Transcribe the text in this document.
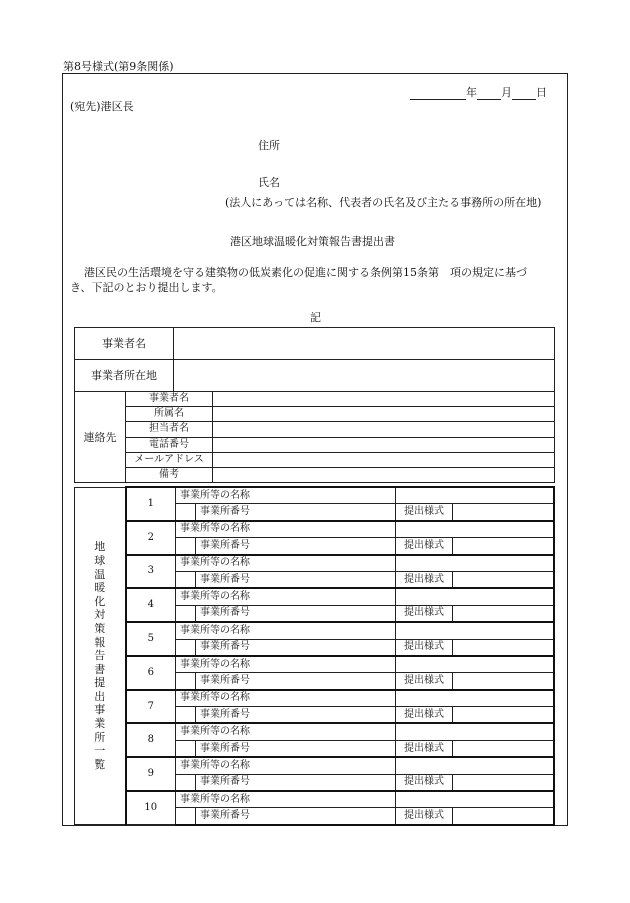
第8号様式(第9条関係)
年 月 日
(宛先)港区長
住所
氏名
(法人にあっては名称、代表者の氏名及び主たる事務所の所在地)
港区地球温暖化対策報告書提出書
港区民の生活環境を守る建築物の低炭素化の促進に関する条例第15条第　項の規定に基づ
き、下記のとおり提出します。
記
事業者名	
事業者所在地	
連絡先	事業者名	
	所属名	
	担当者名	
	電話番号	
	メールアドレス	
	備考	
地球温暖化対策報告書提出事業所一覧	1	事業所等の名称			
			事業所番号	提出様式	
	2	事業所等の名称			
			事業所番号	提出様式	
	3	事業所等の名称			
			事業所番号	提出様式	
	4	事業所等の名称			
			事業所番号	提出様式	
	5	事業所等の名称			
			事業所番号	提出様式	
	6	事業所等の名称			
			事業所番号	提出様式	
	7	事業所等の名称			
			事業所番号	提出様式	
	8	事業所等の名称			
			事業所番号	提出様式	
	9	事業所等の名称			
			事業所番号	提出様式	
	10	事業所等の名称			
			事業所番号	提出様式	
